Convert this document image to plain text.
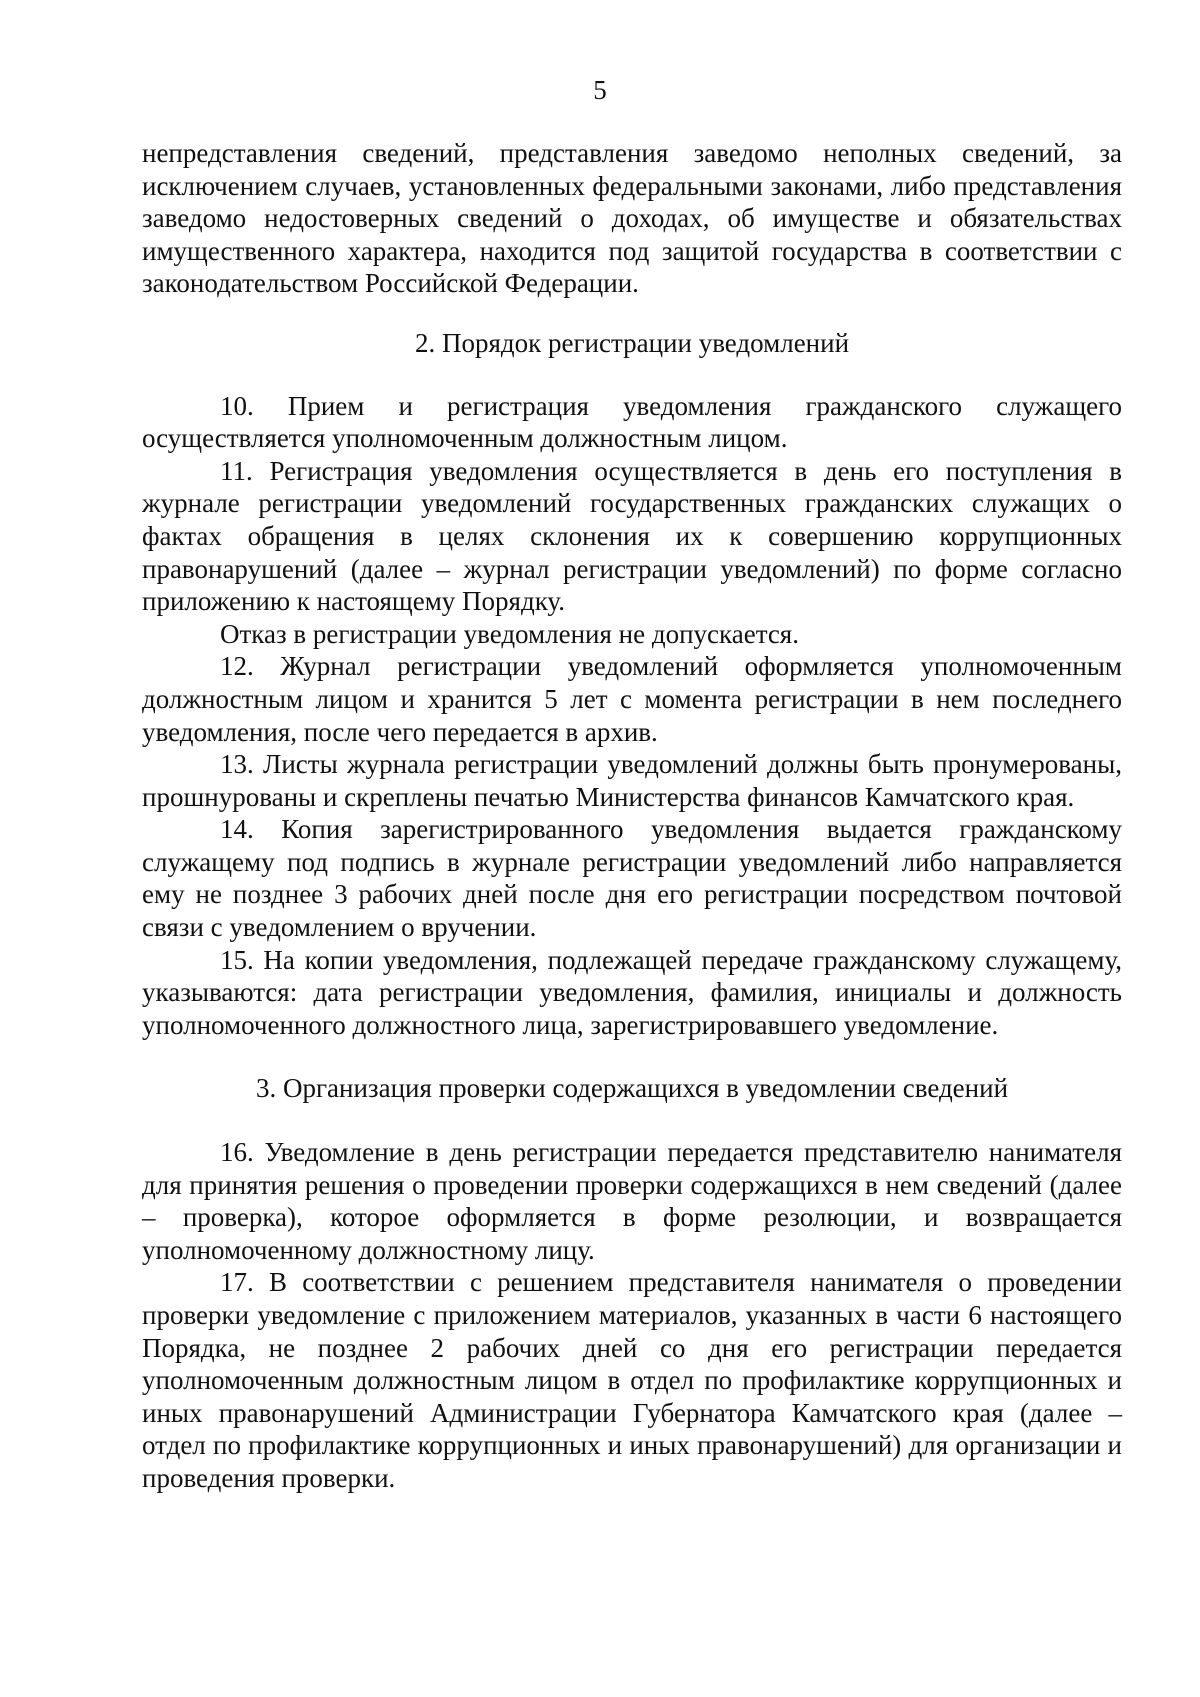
5

непредставления сведений, представления заведомо неполных сведений, за исключением случаев, установленных федеральными законами, либо представления заведомо недостоверных сведений о доходах, об имуществе и обязательствах имущественного характера, находится под защитой государства в соответствии с законодательством Российской Федерации.

2. Порядок регистрации уведомлений

10. Прием и регистрация уведомления гражданского служащего осуществляется уполномоченным должностным лицом.

11. Регистрация уведомления осуществляется в день его поступления в журнале регистрации уведомлений государственных гражданских служащих о фактах обращения в целях склонения их к совершению коррупционных правонарушений (далее – журнал регистрации уведомлений) по форме согласно приложению к настоящему Порядку.

Отказ в регистрации уведомления не допускается.

12. Журнал регистрации уведомлений оформляется уполномоченным должностным лицом и хранится 5 лет с момента регистрации в нем последнего уведомления, после чего передается в архив.

13. Листы журнала регистрации уведомлений должны быть пронумерованы, прошнурованы и скреплены печатью Министерства финансов Камчатского края.

14. Копия зарегистрированного уведомления выдается гражданскому служащему под подпись в журнале регистрации уведомлений либо направляется ему не позднее 3 рабочих дней после дня его регистрации посредством почтовой связи с уведомлением о вручении.

15. На копии уведомления, подлежащей передаче гражданскому служащему, указываются: дата регистрации уведомления, фамилия, инициалы и должность уполномоченного должностного лица, зарегистрировавшего уведомление.

3. Организация проверки содержащихся в уведомлении сведений

16. Уведомление в день регистрации передается представителю нанимателя для принятия решения о проведении проверки содержащихся в нем сведений (далее – проверка), которое оформляется в форме резолюции, и возвращается уполномоченному должностному лицу.

17. В соответствии с решением представителя нанимателя о проведении проверки уведомление с приложением материалов, указанных в части 6 настоящего Порядка, не позднее 2 рабочих дней со дня его регистрации передается уполномоченным должностным лицом в отдел по профилактике коррупционных и иных правонарушений Администрации Губернатора Камчатского края (далее – отдел по профилактике коррупционных и иных правонарушений) для организации и проведения проверки.
